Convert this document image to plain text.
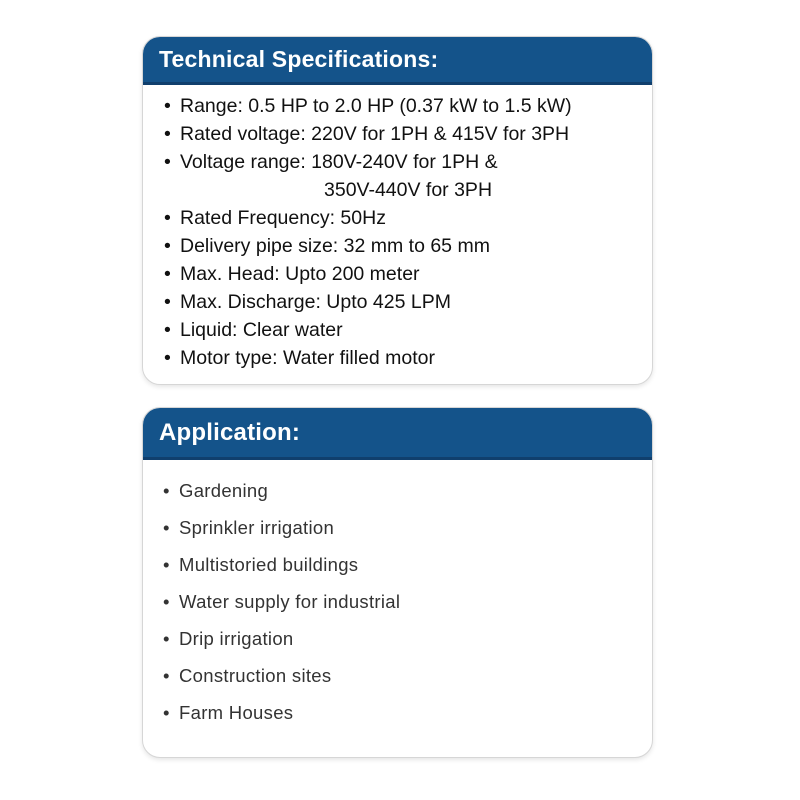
Technical Specifications:
• Range: 0.5 HP to 2.0 HP (0.37 kW to 1.5 kW)
• Rated voltage: 220V for 1PH & 415V for 3PH
• Voltage range: 180V-240V for 1PH &
350V-440V for 3PH
• Rated Frequency: 50Hz
• Delivery pipe size: 32 mm to 65 mm
• Max. Head: Upto 200 meter
• Max. Discharge: Upto 425 LPM
• Liquid: Clear water
• Motor type: Water filled motor
Application:
• Gardening
• Sprinkler irrigation
• Multistoried buildings
• Water supply for industrial
• Drip irrigation
• Construction sites
• Farm Houses
